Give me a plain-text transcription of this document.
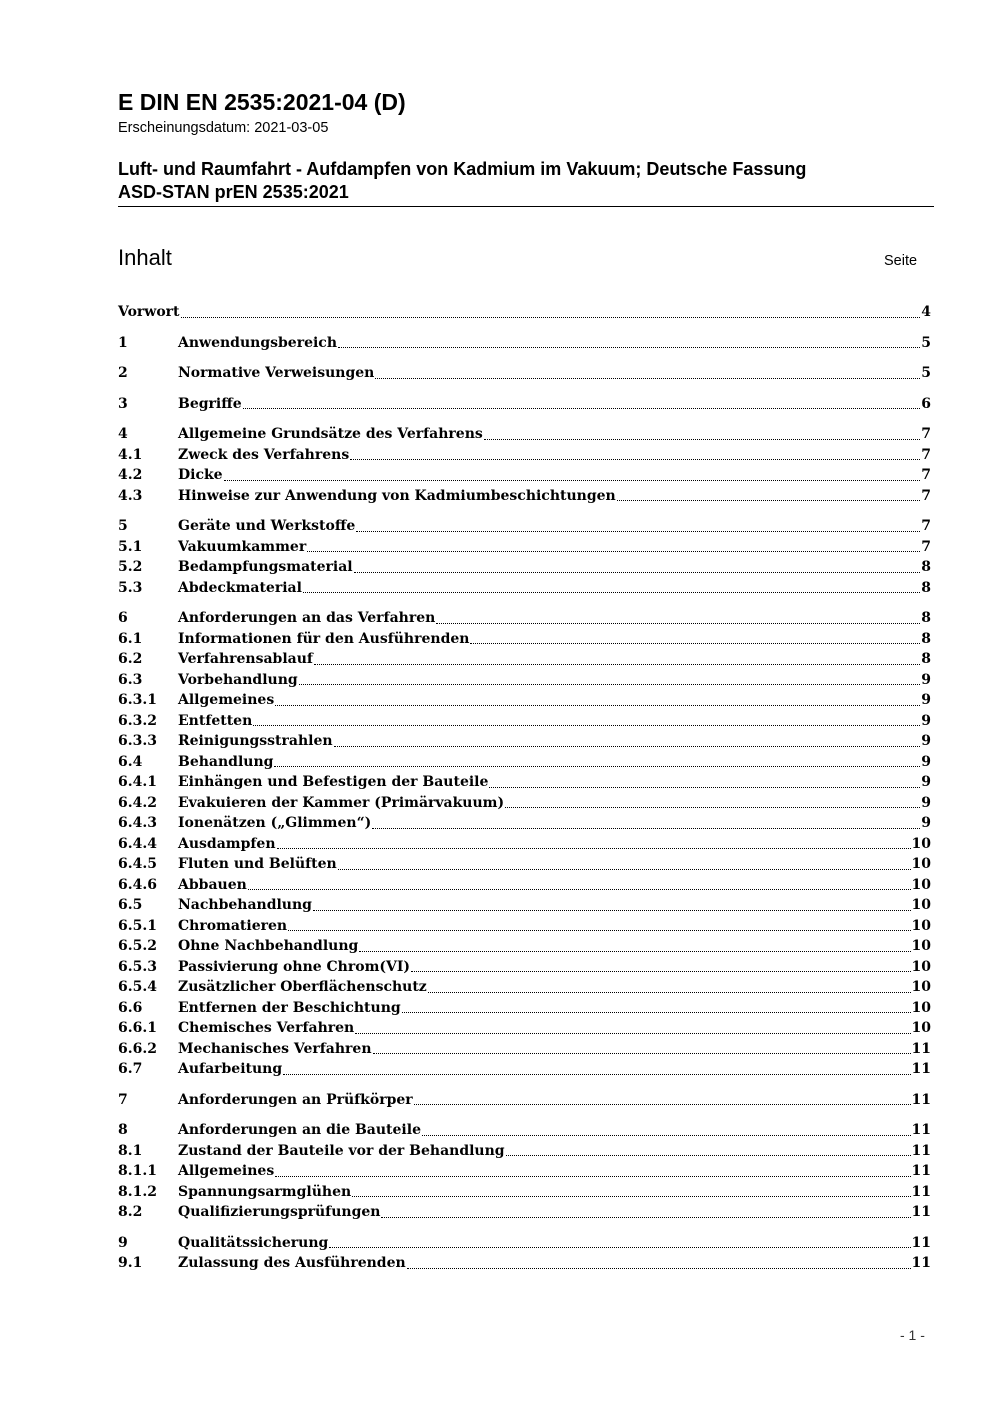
E DIN EN 2535:2021-04 (D)
Erscheinungsdatum: 2021-03-05
Luft- und Raumfahrt - Aufdampfen von Kadmium im Vakuum; Deutsche Fassung
ASD-STAN prEN 2535:2021
Inhalt	Seite
Vorwort	4
1	Anwendungsbereich	5
2	Normative Verweisungen	5
3	Begriffe	6
4	Allgemeine Grundsätze des Verfahrens	7
4.1	Zweck des Verfahrens	7
4.2	Dicke	7
4.3	Hinweise zur Anwendung von Kadmiumbeschichtungen	7
5	Geräte und Werkstoffe	7
5.1	Vakuumkammer	7
5.2	Bedampfungsmaterial	8
5.3	Abdeckmaterial	8
6	Anforderungen an das Verfahren	8
6.1	Informationen für den Ausführenden	8
6.2	Verfahrensablauf	8
6.3	Vorbehandlung	9
6.3.1	Allgemeines	9
6.3.2	Entfetten	9
6.3.3	Reinigungsstrahlen	9
6.4	Behandlung	9
6.4.1	Einhängen und Befestigen der Bauteile	9
6.4.2	Evakuieren der Kammer (Primärvakuum)	9
6.4.3	Ionenätzen („Glimmen“)	9
6.4.4	Ausdampfen	10
6.4.5	Fluten und Belüften	10
6.4.6	Abbauen	10
6.5	Nachbehandlung	10
6.5.1	Chromatieren	10
6.5.2	Ohne Nachbehandlung	10
6.5.3	Passivierung ohne Chrom(VI)	10
6.5.4	Zusätzlicher Oberflächenschutz	10
6.6	Entfernen der Beschichtung	10
6.6.1	Chemisches Verfahren	10
6.6.2	Mechanisches Verfahren	11
6.7	Aufarbeitung	11
7	Anforderungen an Prüfkörper	11
8	Anforderungen an die Bauteile	11
8.1	Zustand der Bauteile vor der Behandlung	11
8.1.1	Allgemeines	11
8.1.2	Spannungsarmglühen	11
8.2	Qualifizierungsprüfungen	11
9	Qualitätssicherung	11
9.1	Zulassung des Ausführenden	11
- 1 -
